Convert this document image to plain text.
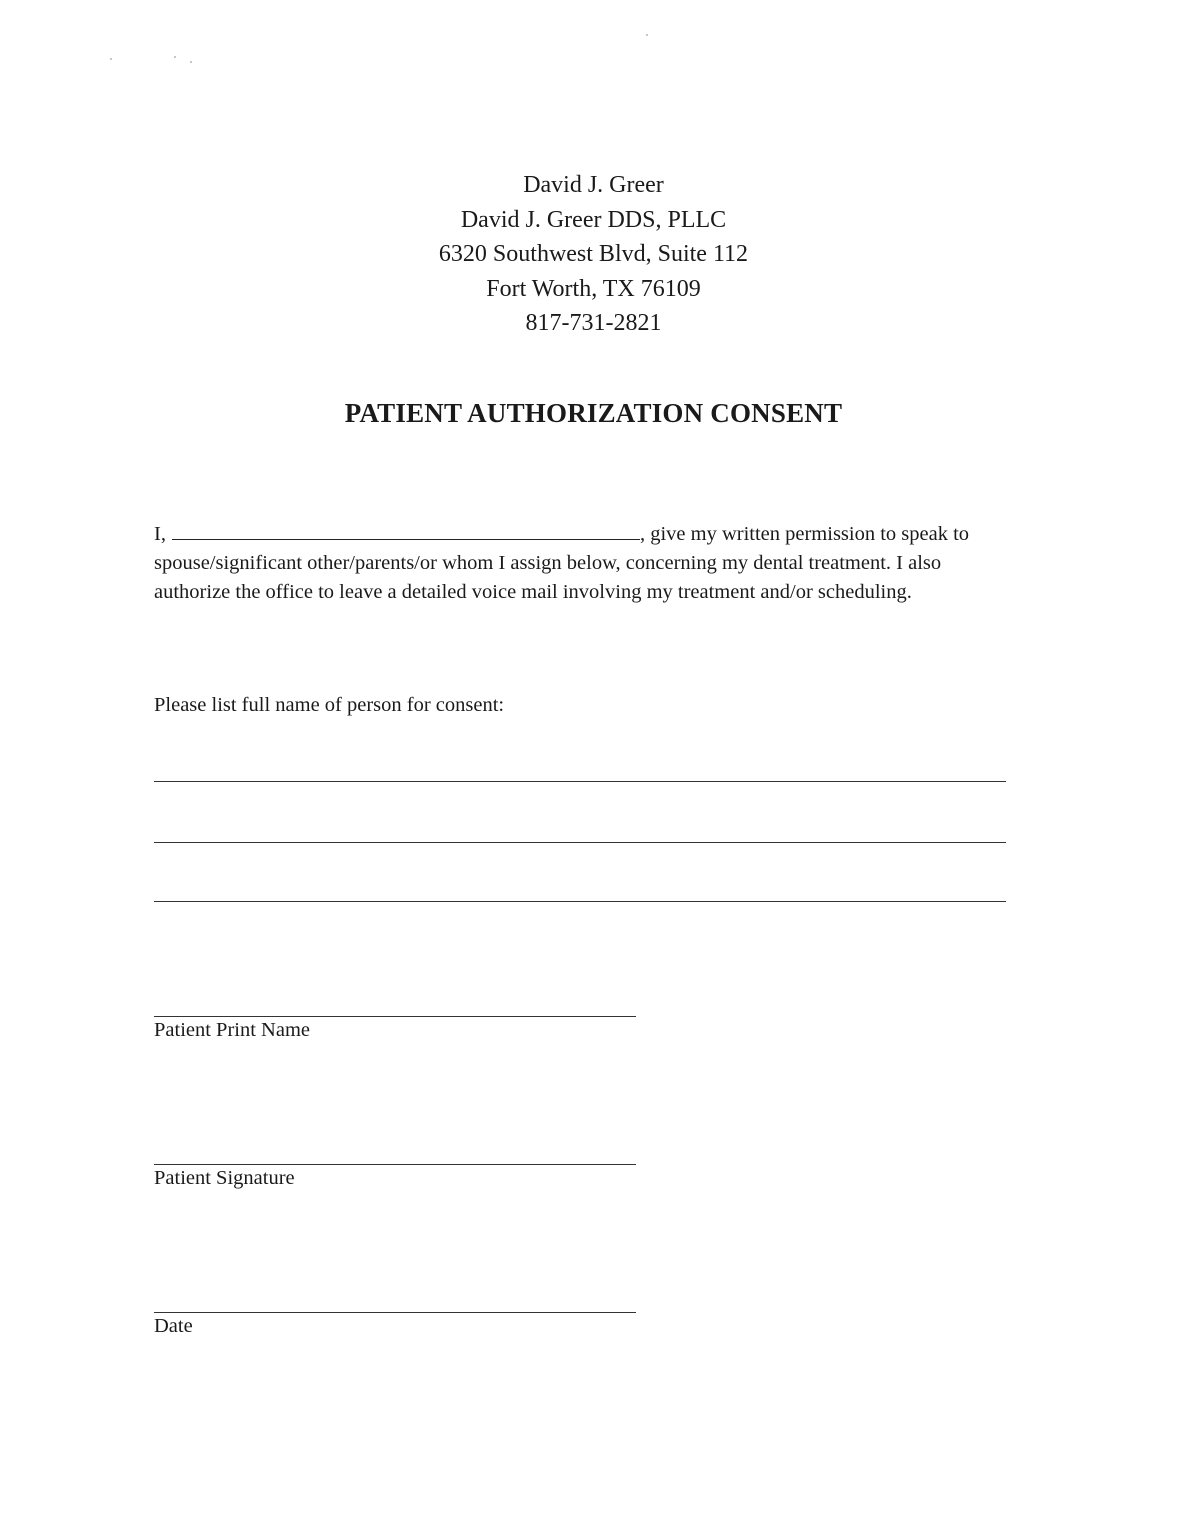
David J. Greer
David J. Greer DDS, PLLC
6320 Southwest Blvd, Suite 112
Fort Worth, TX 76109
817-731-2821
PATIENT AUTHORIZATION CONSENT
I,	, give my written permission to speak to
spouse/significant other/parents/or whom I assign below, concerning my dental treatment. I also
authorize the office to leave a detailed voice mail involving my treatment and/or scheduling.
Please list full name of person for consent:
Patient Print Name
Patient Signature
Date
